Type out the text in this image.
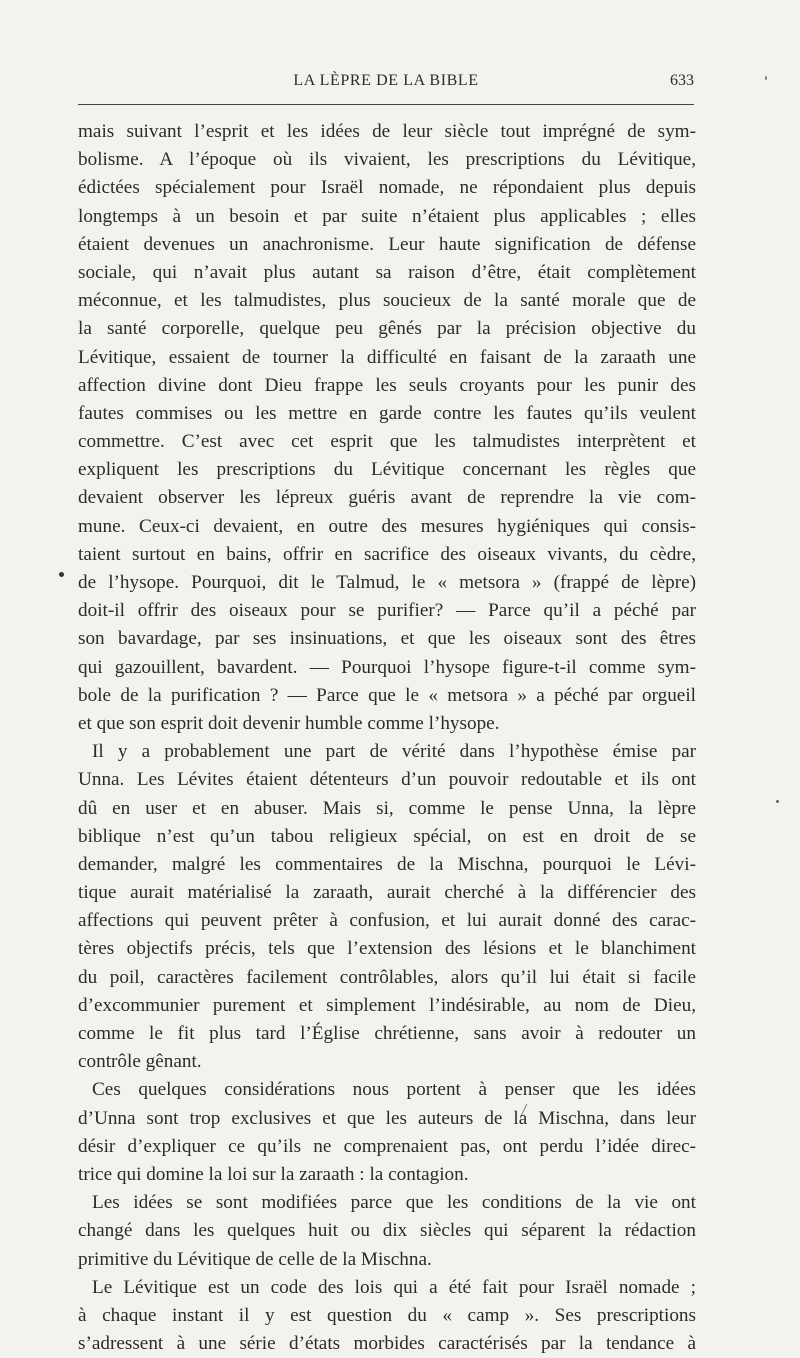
LA LÈPRE DE LA BIBLE	633
mais suivant l’esprit et les idées de leur siècle tout imprégné de sym-
bolisme. A l’époque où ils vivaient, les prescriptions du Lévitique,
édictées spécialement pour Israël nomade, ne répondaient plus depuis
longtemps à un besoin et par suite n’étaient plus applicables ; elles
étaient devenues un anachronisme. Leur haute signification de défense
sociale, qui n’avait plus autant sa raison d’être, était complètement
méconnue, et les talmudistes, plus soucieux de la santé morale que de
la santé corporelle, quelque peu gênés par la précision objective du
Lévitique, essaient de tourner la difficulté en faisant de la zaraath une
affection divine dont Dieu frappe les seuls croyants pour les punir des
fautes commises ou les mettre en garde contre les fautes qu’ils veulent
commettre. C’est avec cet esprit que les talmudistes interprètent et
expliquent les prescriptions du Lévitique concernant les règles que
devaient observer les lépreux guéris avant de reprendre la vie com-
mune. Ceux-ci devaient, en outre des mesures hygiéniques qui consis-
taient surtout en bains, offrir en sacrifice des oiseaux vivants, du cèdre,
de l’hysope. Pourquoi, dit le Talmud, le « metsora » (frappé de lèpre)
doit-il offrir des oiseaux pour se purifier? — Parce qu’il a péché par
son bavardage, par ses insinuations, et que les oiseaux sont des êtres
qui gazouillent, bavardent. — Pourquoi l’hysope figure-t-il comme sym-
bole de la purification ? — Parce que le « metsora » a péché par orgueil
et que son esprit doit devenir humble comme l’hysope.
Il y a probablement une part de vérité dans l’hypothèse émise par
Unna. Les Lévites étaient détenteurs d’un pouvoir redoutable et ils ont
dû en user et en abuser. Mais si, comme le pense Unna, la lèpre
biblique n’est qu’un tabou religieux spécial, on est en droit de se
demander, malgré les commentaires de la Mischna, pourquoi le Lévi-
tique aurait matérialisé la zaraath, aurait cherché à la différencier des
affections qui peuvent prêter à confusion, et lui aurait donné des carac-
tères objectifs précis, tels que l’extension des lésions et le blanchiment
du poil, caractères facilement contrôlables, alors qu’il lui était si facile
d’excommunier purement et simplement l’indésirable, au nom de Dieu,
comme le fit plus tard l’Église chrétienne, sans avoir à redouter un
contrôle gênant.
Ces quelques considérations nous portent à penser que les idées
d’Unna sont trop exclusives et que les auteurs de la Mischna, dans leur
désir d’expliquer ce qu’ils ne comprenaient pas, ont perdu l’idée direc-
trice qui domine la loi sur la zaraath : la contagion.
Les idées se sont modifiées parce que les conditions de la vie ont
changé dans les quelques huit ou dix siècles qui séparent la rédaction
primitive du Lévitique de celle de la Mischna.
Le Lévitique est un code des lois qui a été fait pour Israël nomade ;
à chaque instant il y est question du « camp ». Ses prescriptions
s’adressent à une série d’états morbides caractérisés par la tendance à
